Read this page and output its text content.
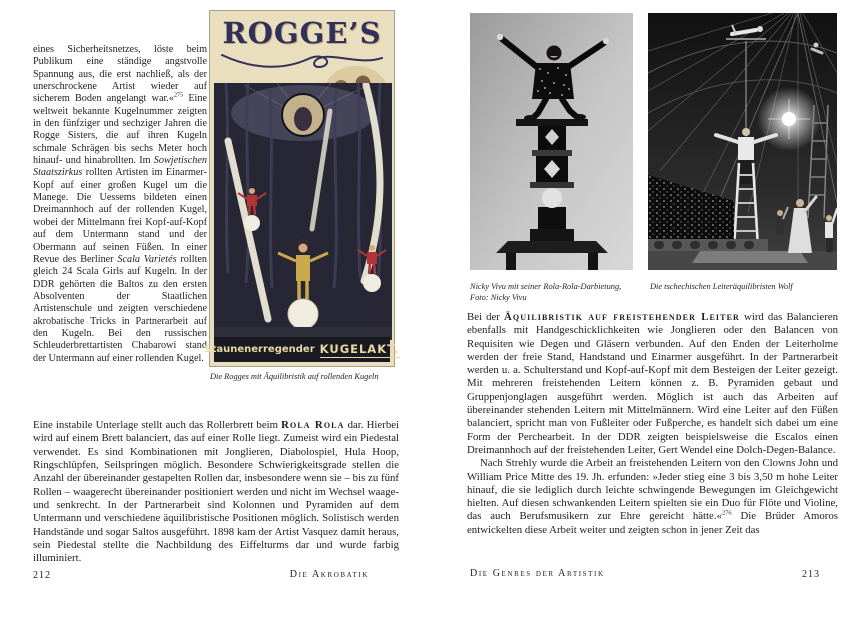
eines Sicherheitsnetzes, löste beim Publikum eine ständige angstvolle Spannung aus, die erst nachließ, als der unerschrockene Artist wieder auf sicherem Boden angelangt war.«$^{275}$ Eine weltweit bekannte Kugelnummer zeigten in den fünfziger und sechziger Jahren die Rogge Sisters, die auf ihren Kugeln schmale Schrägen bis sechs Meter hoch hinauf- und hinabrollten. Im Sowjetischen Staatszirkus rollten Artisten im Einarmer-Kopf auf einer großen Kugel um die Manege. Die Uessems bildeten einen Dreimannhoch auf der rollenden Kugel, wobei der Mittelmann frei Kopf-auf-Kopf auf dem Untermann stand und der Obermann auf seinen Füßen. In einer Revue des Berliner Scala Varietés rollten gleich 24 Scala Girls auf Kugeln. In der DDR gehörten die Baltos zu den ersten Absolventen der Staatlichen Artistenschule und zeigten verschiedene akrobatische Tricks in Partnerarbeit auf den Kugeln. Bei den russischen Schleuderbrettartisten Chabarowi stand der Untermann auf einer rollenden Kugel.
ROGGE’S
Staunenerregender KUGELAKT.
Die Rogges mit Äquilibristik auf rollenden Kugeln
Eine instabile Unterlage stellt auch das Rollerbrett beim Rola Rola dar. Hierbei wird auf einem Brett balanciert, das auf einer Rolle liegt. Zumeist wird ein Piedestal verwendet. Es sind Kombinationen mit Jonglieren, Diabolospiel, Hula Hoop, Ringschlüpfen, Seilspringen möglich. Besondere Schwierigkeitsgrade stellen die Anzahl der übereinander gestapelten Rollen dar, insbesondere wenn sie – bis zu fünf Rollen – waagerecht übereinander positioniert werden und nicht im Wechsel waage- und senkrecht. In der Partnerarbeit sind Kolonnen und Pyramiden auf dem Untermann und verschiedene äquilibristische Positionen möglich. Solistisch werden Handstände und sogar Saltos ausgeführt. 1898 kam der Artist Vasquez damit heraus, sein Piedestal stellte die Nachbildung des Eiffelturms dar und wurde farbig illuminiert.
212	Die Akrobatik
Nicky Vivu mit seiner Rola-Rola-Darbietung,
Foto: Nicky Vivu
Die tschechischen Leiteräquilibristen Wolf

Bei der Äquilibristik auf freistehender Leiter wird das Balancieren ebenfalls mit Handgeschicklichkeiten wie Jonglieren oder den Balancen von Requisiten wie Degen und Gläsern verbunden. Auf den Enden der Leiterholme werden der freie Stand, Handstand und Einarmer ausgeführt. In der Partnerarbeit werden u. a. Schulterstand und Kopf-auf-Kopf mit dem Besteigen der Leiter gezeigt. Mit mehreren freistehenden Leitern können z. B. Pyramiden gebaut und Gruppenjonglagen ausgeführt werden. Möglich ist auch das Arbeiten auf übereinander stehenden Leitern mit Mittelmännern. Wird eine Leiter auf den Füßen balanciert, spricht man von Fußleiter oder Fußperche, es handelt sich dabei um eine Form der Perchearbeit. In der DDR zeigten beispielsweise die Escalos einen Dreimannhoch auf der freistehenden Leiter, Gert Wendel eine Dolch-Degen-Balance.

Nach Strehly wurde die Arbeit an freistehenden Leitern von den Clowns John und William Price Mitte des 19. Jh. erfunden: »Jeder stieg eine 3 bis 3,50 m hohe Leiter hinauf, die sie lediglich durch leichte schwingende Bewegungen im Gleichgewicht hielten. Auf diesen schwankenden Leitern spielten sie ein Duo für Flöte und Violine, das auch Berufsmusikern zur Ehre gereicht hätte.«$^{276}$ Die Brüder Amoros entwickelten diese Arbeit weiter und zeigten schon in jener Zeit das

Die Genres der Artistik	213
